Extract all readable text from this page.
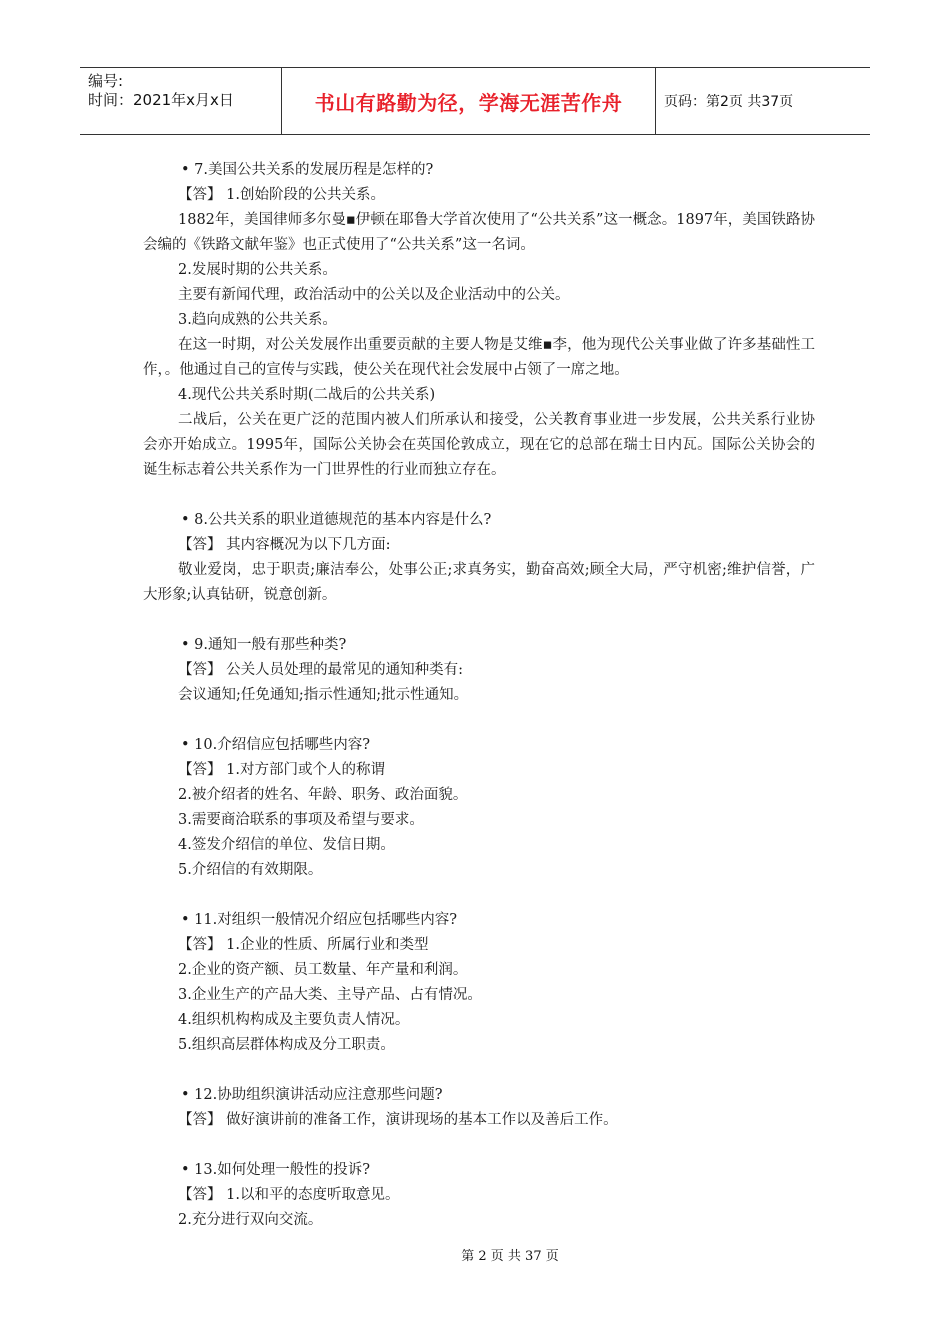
编号:
时间：2021年x月x日	书山有路勤为径，学海无涯苦作舟	页码：第2页 共37页
• 7.美国公共关系的发展历程是怎样的?
【答】 1.创始阶段的公共关系。
1882年，美国律师多尔曼▪伊顿在耶鲁大学首次使用了“公共关系”这一概念。1897年，美国铁路协会编的《铁路文献年鉴》也正式使用了“公共关系”这一名词。
2.发展时期的公共关系。
主要有新闻代理，政治活动中的公关以及企业活动中的公关。
3.趋向成熟的公共关系。
在这一时期，对公关发展作出重要贡献的主要人物是艾维▪李，他为现代公关事业做了许多基础性工作，。他通过自己的宣传与实践，使公关在现代社会发展中占领了一席之地。
4.现代公共关系时期(二战后的公共关系)
二战后，公关在更广泛的范围内被人们所承认和接受，公关教育事业进一步发展，公共关系行业协会亦开始成立。1995年，国际公关协会在英国伦敦成立，现在它的总部在瑞士日内瓦。国际公关协会的诞生标志着公共关系作为一门世界性的行业而独立存在。
• 8.公共关系的职业道德规范的基本内容是什么?
【答】 其内容概况为以下几方面:
敬业爱岗，忠于职责;廉洁奉公，处事公正;求真务实，勤奋高效;顾全大局，严守机密;维护信誉，广大形象;认真钻研，锐意创新。
• 9.通知一般有那些种类?
【答】 公关人员处理的最常见的通知种类有:
会议通知;任免通知;指示性通知;批示性通知。
• 10.介绍信应包括哪些内容?
【答】 1.对方部门或个人的称谓
2.被介绍者的姓名、年龄、职务、政治面貌。
3.需要商洽联系的事项及希望与要求。
4.签发介绍信的单位、发信日期。
5.介绍信的有效期限。
• 11.对组织一般情况介绍应包括哪些内容?
【答】 1.企业的性质、所属行业和类型
2.企业的资产额、员工数量、年产量和利润。
3.企业生产的产品大类、主导产品、占有情况。
4.组织机构构成及主要负责人情况。
5.组织高层群体构成及分工职责。
• 12.协助组织演讲活动应注意那些问题?
【答】 做好演讲前的准备工作，演讲现场的基本工作以及善后工作。
• 13.如何处理一般性的投诉?
【答】 1.以和平的态度听取意见。
2.充分进行双向交流。
第 2 页 共 37 页
